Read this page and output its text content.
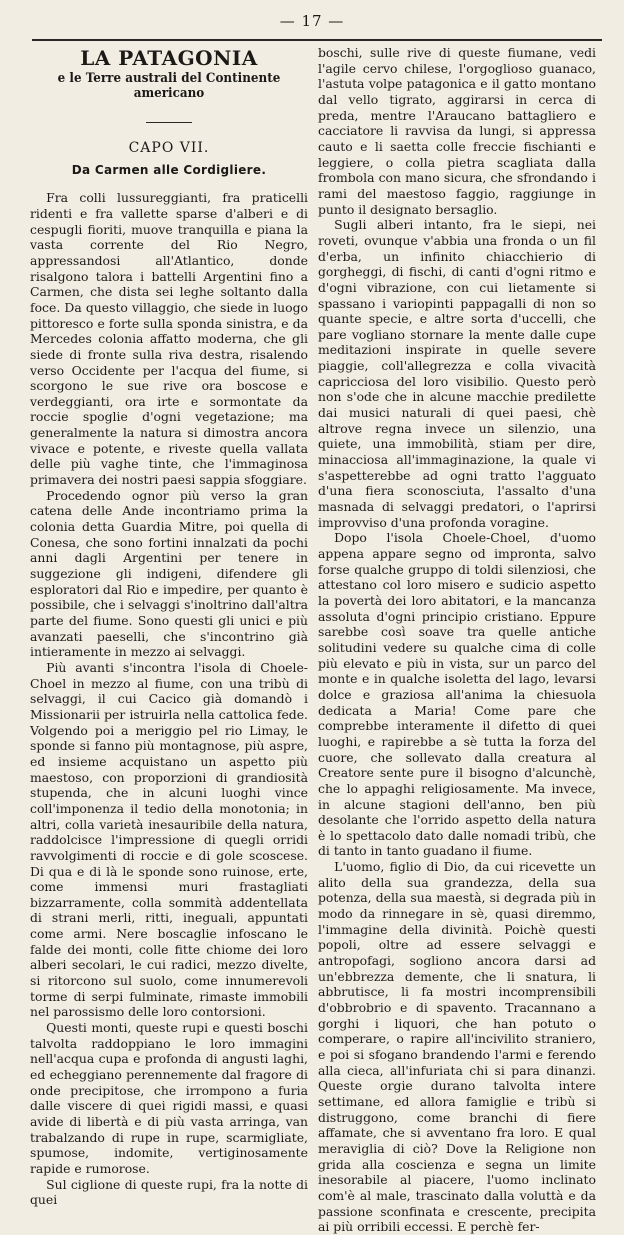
— 17 —
LA PATAGONIA
e le Terre australi del Continente americano
CAPO VII.
Da Carmen alle Cordigliere.

Fra colli lussureggianti, fra praticelli ridenti e fra vallette sparse d'alberi e di cespugli fioriti, muove tranquilla e piana la vasta corrente del Rio Negro, appressandosi all'Atlantico, donde risalgono talora i battelli Argentini fino a Carmen, che dista sei leghe soltanto dalla foce. Da questo villaggio, che siede in luogo pittoresco e forte sulla sponda sinistra, e da Mercedes colonia affatto moderna, che gli siede di fronte sulla riva destra, risalendo verso Occidente per l'acqua del fiume, si scorgono le sue rive ora boscose e verdeggianti, ora irte e sormontate da roccie spoglie d'ogni vegetazione; ma generalmente la natura si dimostra ancora vivace e potente, e riveste quella vallata delle più vaghe tinte, che l'immaginosa primavera dei nostri paesi sappia sfoggiare.

Procedendo ognor più verso la gran catena delle Ande incontriamo prima la colonia detta Guardia Mitre, poi quella di Conesa, che sono fortini innalzati da pochi anni dagli Argentini per tenere in suggezione gli indigeni, difendere gli esploratori dal Rio e impedire, per quanto è possibile, che i selvaggi s'inoltrino dall'altra parte del fiume. Sono questi gli unici e più avanzati paeselli, che s'incontrino già intieramente in mezzo ai selvaggi.

Più avanti s'incontra l'isola di Choele-Choel in mezzo al fiume, con una tribù di selvaggi, il cui Cacico già domandò i Missionarii per istruirla nella cattolica fede. Volgendo poi a meriggio pel rio Limay, le sponde si fanno più montagnose, più aspre, ed insieme acquistano un aspetto più maestoso, con proporzioni di grandiosità stupenda, che in alcuni luoghi vince coll'imponenza il tedio della monotonia; in altri, colla varietà inesauribile della natura, raddolcisce l'impressione di quegli orridi ravvolgimenti di roccie e di gole scoscese. Di qua e di là le sponde sono ruinose, erte, come immensi muri frastagliati bizzarramente, colla sommità addentellata di strani merli, ritti, ineguali, appuntati come armi. Nere boscaglie infoscano le falde dei monti, colle fitte chiome dei loro alberi secolari, le cui radici, mezzo divelte, si ritorcono sul suolo, come innumerevoli torme di serpi fulminate, rimaste immobili nel parossismo delle loro contorsioni.

Questi monti, queste rupi e questi boschi talvolta raddoppiano le loro immagini nell'acqua cupa e profonda di angusti laghi, ed echeggiano perennemente dal fragore di onde precipitose, che irrompono a furia dalle viscere di quei rigidi massi, e quasi avide di libertà e di più vasta arringa, van trabalzando di rupe in rupe, scarmigliate, spumose, indomite, vertiginosamente rapide e rumorose.

Sul ciglione di queste rupi, fra la notte di quei

boschi, sulle rive di queste fiumane, vedi l'agile cervo chilese, l'orgoglioso guanaco, l'astuta volpe patagonica e il gatto montano dal vello tigrato, aggirarsi in cerca di preda, mentre l'Araucano battagliero e cacciatore li ravvisa da lungi, si appressa cauto e li saetta colle freccie fischianti e leggiere, o colla pietra scagliata dalla frombola con mano sicura, che sfrondando i rami del maestoso faggio, raggiunge in punto il designato bersaglio.

Sugli alberi intanto, fra le siepi, nei roveti, ovunque v'abbia una fronda o un fil d'erba, un infinito chiacchierio di gorgheggi, di fischi, di canti d'ogni ritmo e d'ogni vibrazione, con cui lietamente si spassano i variopinti pappagalli di non so quante specie, e altre sorta d'uccelli, che pare vogliano stornare la mente dalle cupe meditazioni inspirate in quelle severe piaggie, coll'allegrezza e colla vivacità capricciosa del loro visibilio. Questo però non s'ode che in alcune macchie predilette dai musici naturali di quei paesi, chè altrove regna invece un silenzio, una quiete, una immobilità, stiam per dire, minacciosa all'immaginazione, la quale vi s'aspetterebbe ad ogni tratto l'agguato d'una fiera sconosciuta, l'assalto d'una masnada di selvaggi predatori, o l'aprirsi improvviso d'una profonda voragine.

Dopo l'isola Choele-Choel, d'uomo appena appare segno od impronta, salvo forse qualche gruppo di toldi silenziosi, che attestano col loro misero e sudicio aspetto la povertà dei loro abitatori, e la mancanza assoluta d'ogni principio cristiano. Eppure sarebbe così soave tra quelle antiche solitudini vedere su qualche cima di colle più elevato e più in vista, sur un parco del monte e in qualche isoletta del lago, levarsi dolce e graziosa all'anima la chiesuola dedicata a Maria! Come pare che comprebbe interamente il difetto di quei luoghi, e rapirebbe a sè tutta la forza del cuore, che sollevato dalla creatura al Creatore sente pure il bisogno d'alcunchè, che lo appaghi religiosamente. Ma invece, in alcune stagioni dell'anno, ben più desolante che l'orrido aspetto della natura è lo spettacolo dato dalle nomadi tribù, che di tanto in tanto guadano il fiume.

L'uomo, figlio di Dio, da cui ricevette un alito della sua grandezza, della sua potenza, della sua maestà, si degrada più in modo da rinnegare in sè, quasi diremmo, l'immagine della divinità. Poichè questi popoli, oltre ad essere selvaggi e antropofagi, sogliono ancora darsi ad un'ebbrezza demente, che li snatura, li abbrutisce, li fa mostri incomprensibili d'obbrobrio e di spavento. Tracannano a gorghi i liquori, che han potuto o comperare, o rapire all'incivilito straniero, e poi si sfogano brandendo l'armi e ferendo alla cieca, all'infuriata chi si para dinanzi. Queste orgie durano talvolta intere settimane, ed allora famiglie e tribù si distruggono, come branchi di fiere affamate, che si avventano fra loro. E qual meraviglia di ciò? Dove la Religione non grida alla coscienza e segna un limite inesorabile al piacere, l'uomo inclinato com'è al male, trascinato dalla voluttà e da passione sconfinata e crescente, precipita ai più orribili eccessi. E perchè fer-
